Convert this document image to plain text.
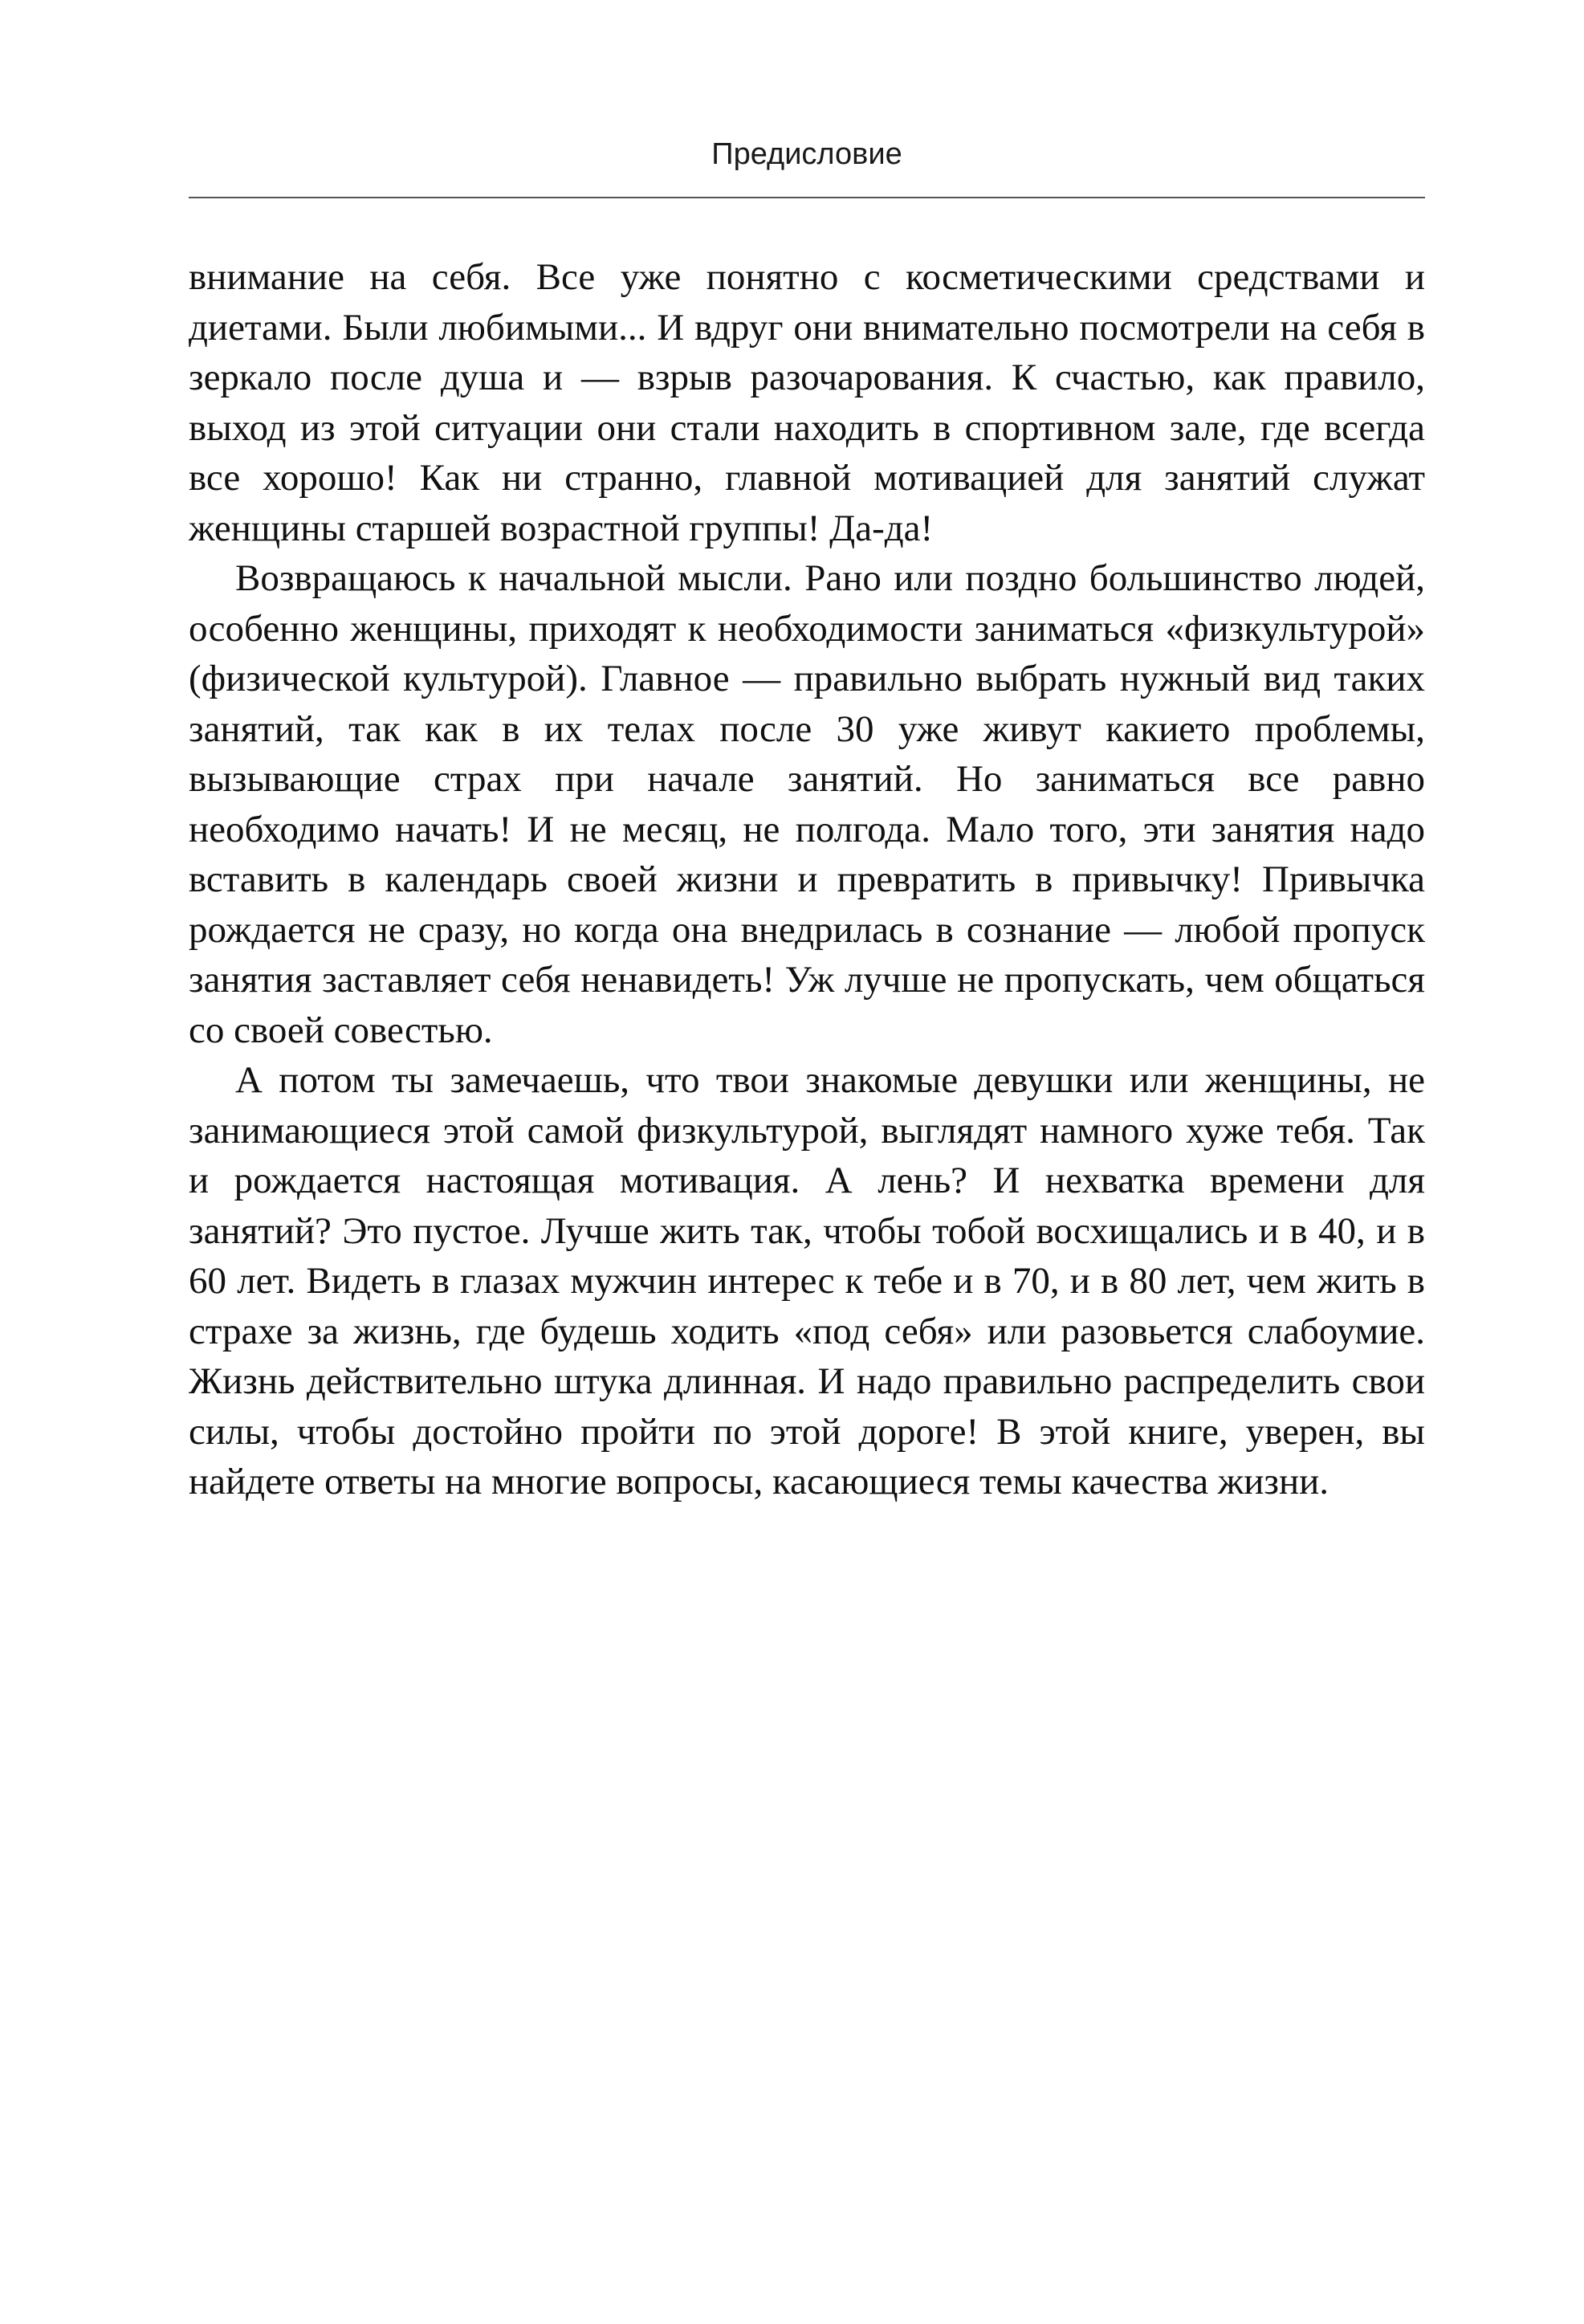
Предисловие

внимание на себя. Все уже понятно с косметическими средствами и диетами. Были любимыми... И вдруг они внимательно посмотрели на себя в зеркало после душа и — взрыв разочарования. К счастью, как правило, выход из этой ситуации они стали находить в спортивном зале, где всегда все хорошо! Как ни странно, главной мотивацией для занятий служат женщины старшей возрастной группы! Да-да!

Возвращаюсь к начальной мысли. Рано или поздно большинство людей, особенно женщины, приходят к необходимости заниматься «физкультурой» (физической культурой). Главное — правильно выбрать нужный вид таких занятий, так как в их телах после 30 уже живут какието проблемы, вызывающие страх при начале занятий. Но заниматься все равно необходимо начать! И не месяц, не полгода. Мало того, эти занятия надо вставить в календарь своей жизни и превратить в привычку! Привычка рождается не сразу, но когда она внедрилась в сознание — любой пропуск занятия заставляет себя ненавидеть! Уж лучше не пропускать, чем общаться со своей совестью.

А потом ты замечаешь, что твои знакомые девушки или женщины, не занимающиеся этой самой физкультурой, выглядят намного хуже тебя. Так и рождается настоящая мотивация. А лень? И нехватка времени для занятий? Это пустое. Лучше жить так, чтобы тобой восхищались и в 40, и в 60 лет. Видеть в глазах мужчин интерес к тебе и в 70, и в 80 лет, чем жить в страхе за жизнь, где будешь ходить «под себя» или разовьется слабоумие. Жизнь действительно штука длинная. И надо правильно распределить свои силы, чтобы достойно пройти по этой дороге! В этой книге, уверен, вы найдете ответы на многие вопросы, касающиеся темы качества жизни.
